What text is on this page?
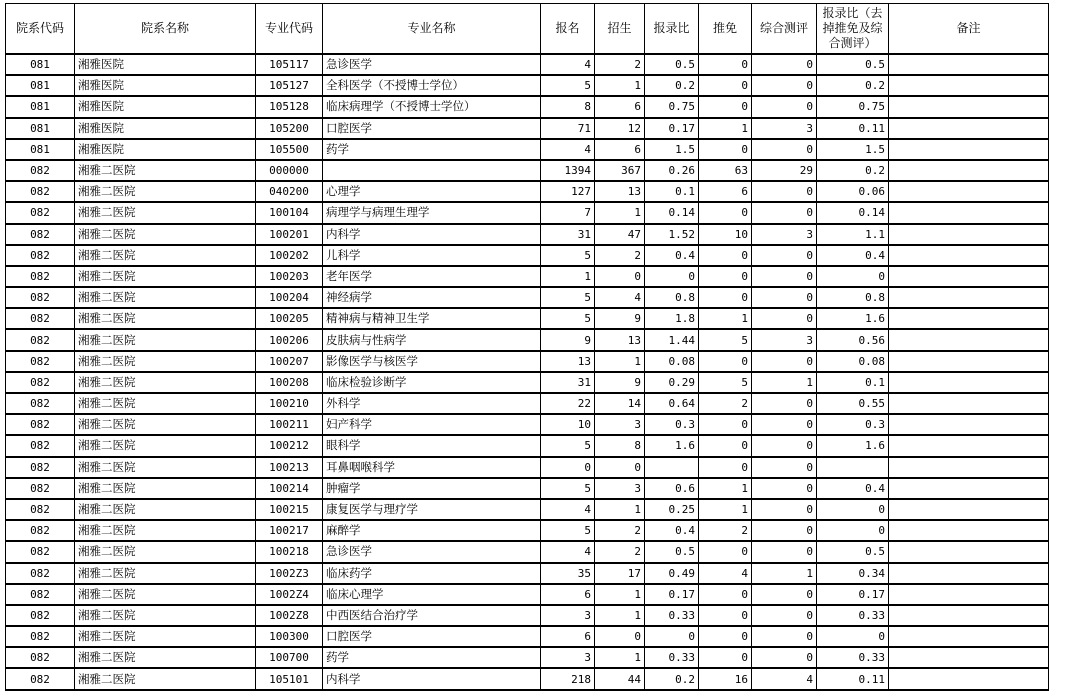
院系代码	院系名称	专业代码	专业名称	报名	招生	报录比	推免	综合测评	报录比（去掉推免及综合测评）	备注
081	湘雅医院	105117	急诊医学	4	2	0.5	0	0	0.5	
081	湘雅医院	105127	全科医学（不授博士学位）	5	1	0.2	0	0	0.2	
081	湘雅医院	105128	临床病理学（不授博士学位）	8	6	0.75	0	0	0.75	
081	湘雅医院	105200	口腔医学	71	12	0.17	1	3	0.11	
081	湘雅医院	105500	药学	4	6	1.5	0	0	1.5	
082	湘雅二医院	000000		1394	367	0.26	63	29	0.2	
082	湘雅二医院	040200	心理学	127	13	0.1	6	0	0.06	
082	湘雅二医院	100104	病理学与病理生理学	7	1	0.14	0	0	0.14	
082	湘雅二医院	100201	内科学	31	47	1.52	10	3	1.1	
082	湘雅二医院	100202	儿科学	5	2	0.4	0	0	0.4	
082	湘雅二医院	100203	老年医学	1	0	0	0	0	0	
082	湘雅二医院	100204	神经病学	5	4	0.8	0	0	0.8	
082	湘雅二医院	100205	精神病与精神卫生学	5	9	1.8	1	0	1.6	
082	湘雅二医院	100206	皮肤病与性病学	9	13	1.44	5	3	0.56	
082	湘雅二医院	100207	影像医学与核医学	13	1	0.08	0	0	0.08	
082	湘雅二医院	100208	临床检验诊断学	31	9	0.29	5	1	0.1	
082	湘雅二医院	100210	外科学	22	14	0.64	2	0	0.55	
082	湘雅二医院	100211	妇产科学	10	3	0.3	0	0	0.3	
082	湘雅二医院	100212	眼科学	5	8	1.6	0	0	1.6	
082	湘雅二医院	100213	耳鼻咽喉科学	0	0		0	0		
082	湘雅二医院	100214	肿瘤学	5	3	0.6	1	0	0.4	
082	湘雅二医院	100215	康复医学与理疗学	4	1	0.25	1	0	0	
082	湘雅二医院	100217	麻醉学	5	2	0.4	2	0	0	
082	湘雅二医院	100218	急诊医学	4	2	0.5	0	0	0.5	
082	湘雅二医院	1002Z3	临床药学	35	17	0.49	4	1	0.34	
082	湘雅二医院	1002Z4	临床心理学	6	1	0.17	0	0	0.17	
082	湘雅二医院	1002Z8	中西医结合治疗学	3	1	0.33	0	0	0.33	
082	湘雅二医院	100300	口腔医学	6	0	0	0	0	0	
082	湘雅二医院	100700	药学	3	1	0.33	0	0	0.33	
082	湘雅二医院	105101	内科学	218	44	0.2	16	4	0.11	
